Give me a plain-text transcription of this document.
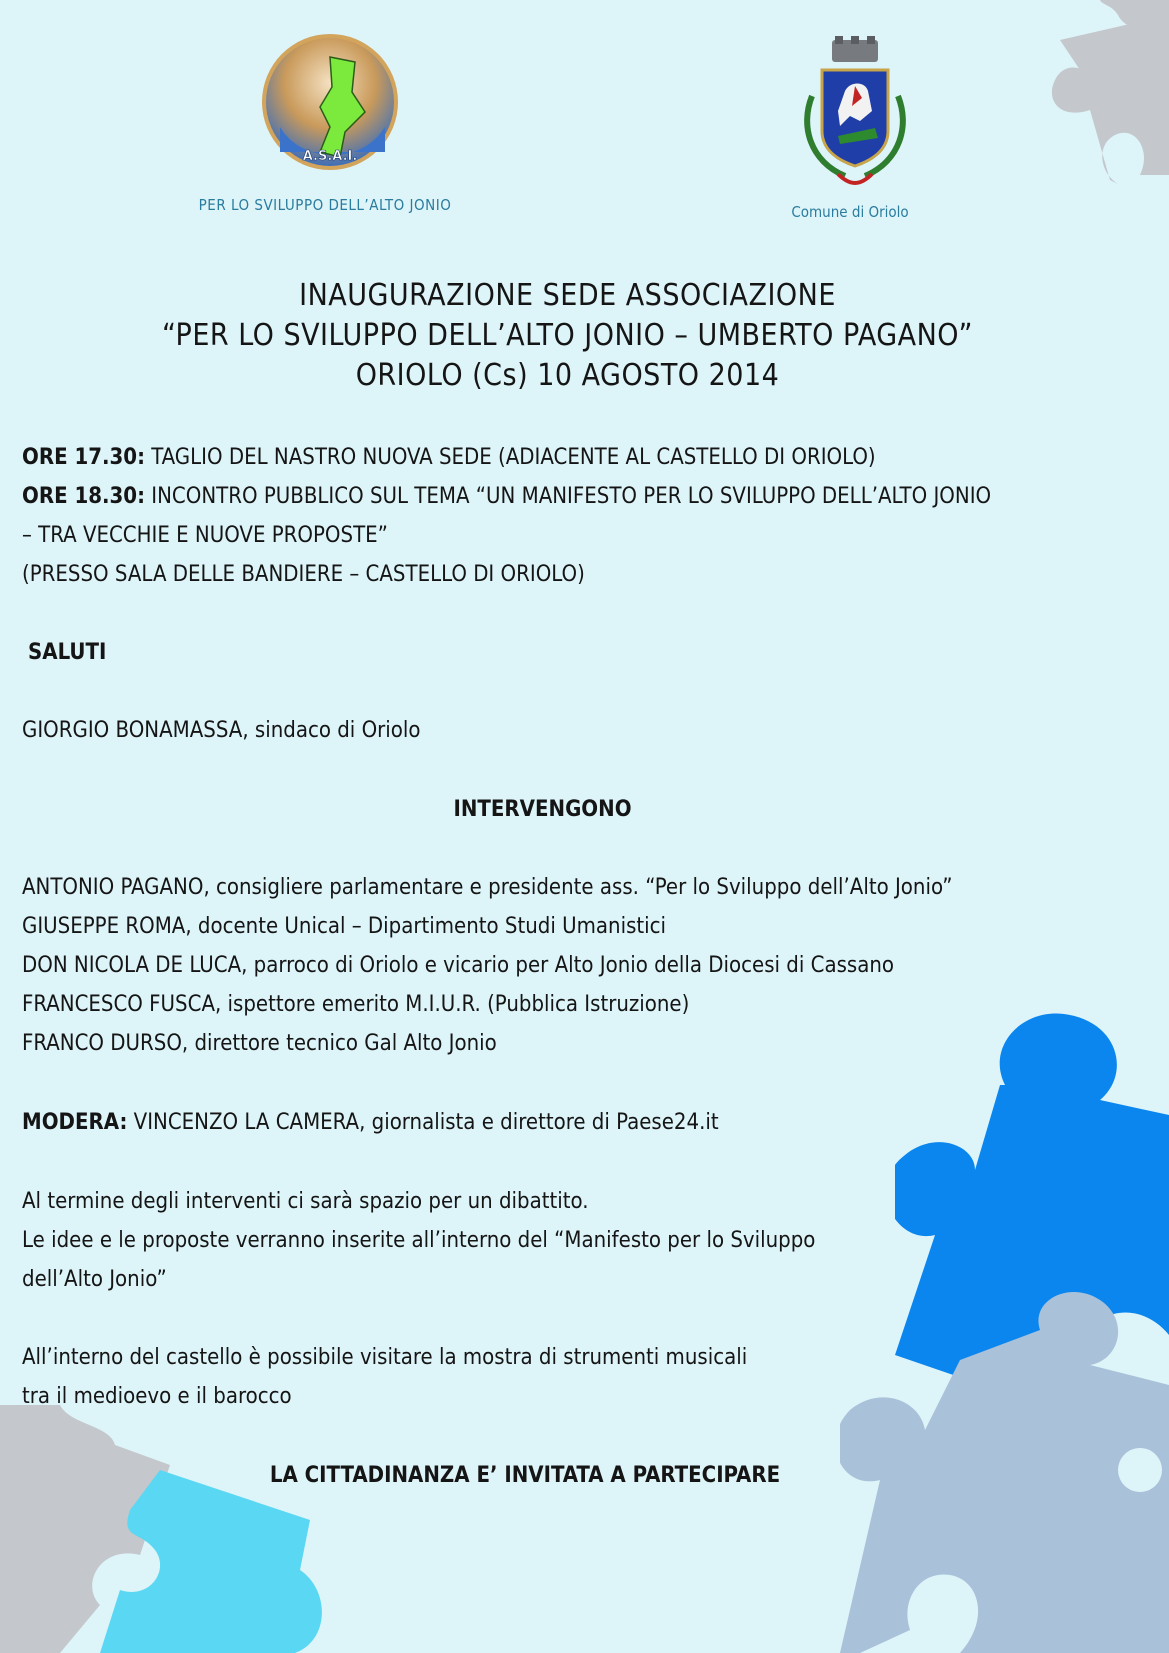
A.S.A.I.
PER LO SVILUPPO DELL’ALTO JONIO	Comune di Oriolo
INAUGURAZIONE SEDE ASSOCIAZIONE
“PER LO SVILUPPO DELL’ALTO JONIO – UMBERTO PAGANO”
ORIOLO (Cs) 10 AGOSTO 2014
ORE 17.30: TAGLIO DEL NASTRO NUOVA SEDE (ADIACENTE AL CASTELLO DI ORIOLO)
ORE 18.30: INCONTRO PUBBLICO SUL TEMA “UN MANIFESTO PER LO SVILUPPO DELL’ALTO JONIO
– TRA VECCHIE E NUOVE PROPOSTE”
(PRESSO SALA DELLE BANDIERE – CASTELLO DI ORIOLO)
SALUTI
GIORGIO BONAMASSA, sindaco di Oriolo
INTERVENGONO
ANTONIO PAGANO, consigliere parlamentare e presidente ass. “Per lo Sviluppo dell’Alto Jonio”
GIUSEPPE ROMA, docente Unical – Dipartimento Studi Umanistici
DON NICOLA DE LUCA, parroco di Oriolo e vicario per Alto Jonio della Diocesi di Cassano
FRANCESCO FUSCA, ispettore emerito M.I.U.R. (Pubblica Istruzione)
FRANCO DURSO, direttore tecnico Gal Alto Jonio
MODERA: VINCENZO LA CAMERA, giornalista e direttore di Paese24.it
Al termine degli interventi ci sarà spazio per un dibattito.
Le idee e le proposte verranno inserite all’interno del “Manifesto per lo Sviluppo
dell’Alto Jonio”
All’interno del castello è possibile visitare la mostra di strumenti musicali
tra il medioevo e il barocco
LA CITTADINANZA E’ INVITATA A PARTECIPARE
